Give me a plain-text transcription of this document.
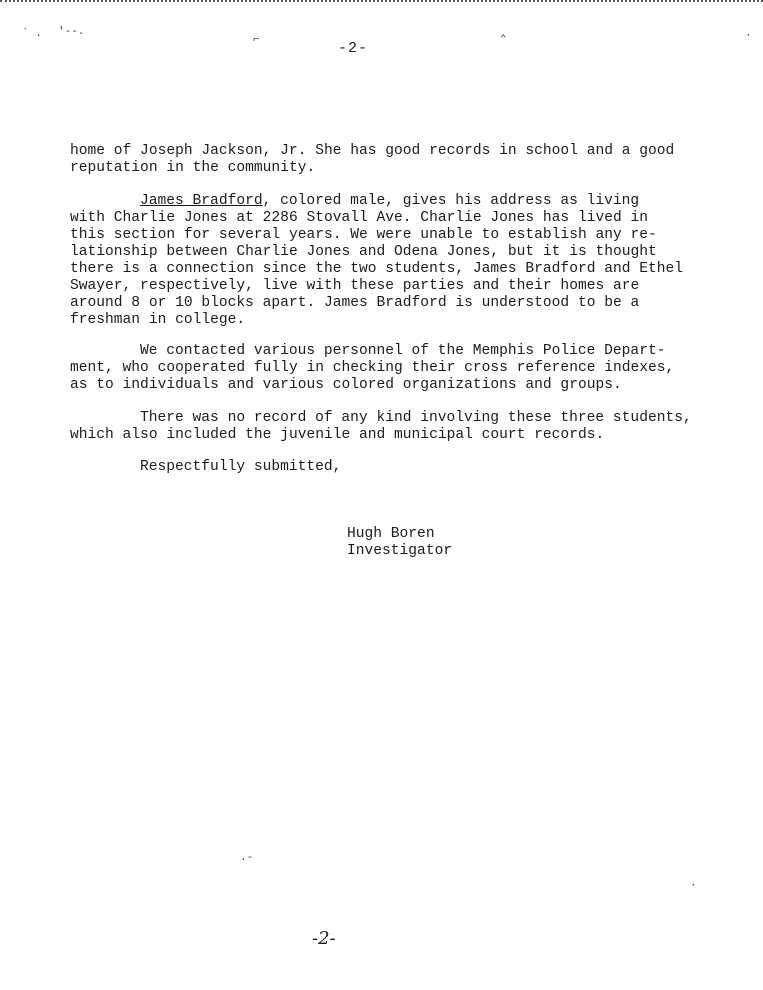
` . '--.
⌐	⌃	·
-2-
home of Joseph Jackson, Jr. She has good records in school and a good
reputation in the community.
James Bradford, colored male, gives his address as living
with Charlie Jones at 2286 Stovall Ave. Charlie Jones has lived in
this section for several years. We were unable to establish any re-
lationship between Charlie Jones and Odena Jones, but it is thought
there is a connection since the two students, James Bradford and Ethel
Swayer, respectively, live with these parties and their homes are
around 8 or 10 blocks apart. James Bradford is understood to be a
freshman in college.
We contacted various personnel of the Memphis Police Depart-
ment, who cooperated fully in checking their cross reference indexes,
as to individuals and various colored organizations and groups.
There was no record of any kind involving these three students,
which also included the juvenile and municipal court records.
Respectfully submitted,
Hugh Boren
Investigator
.-
·
-2-
